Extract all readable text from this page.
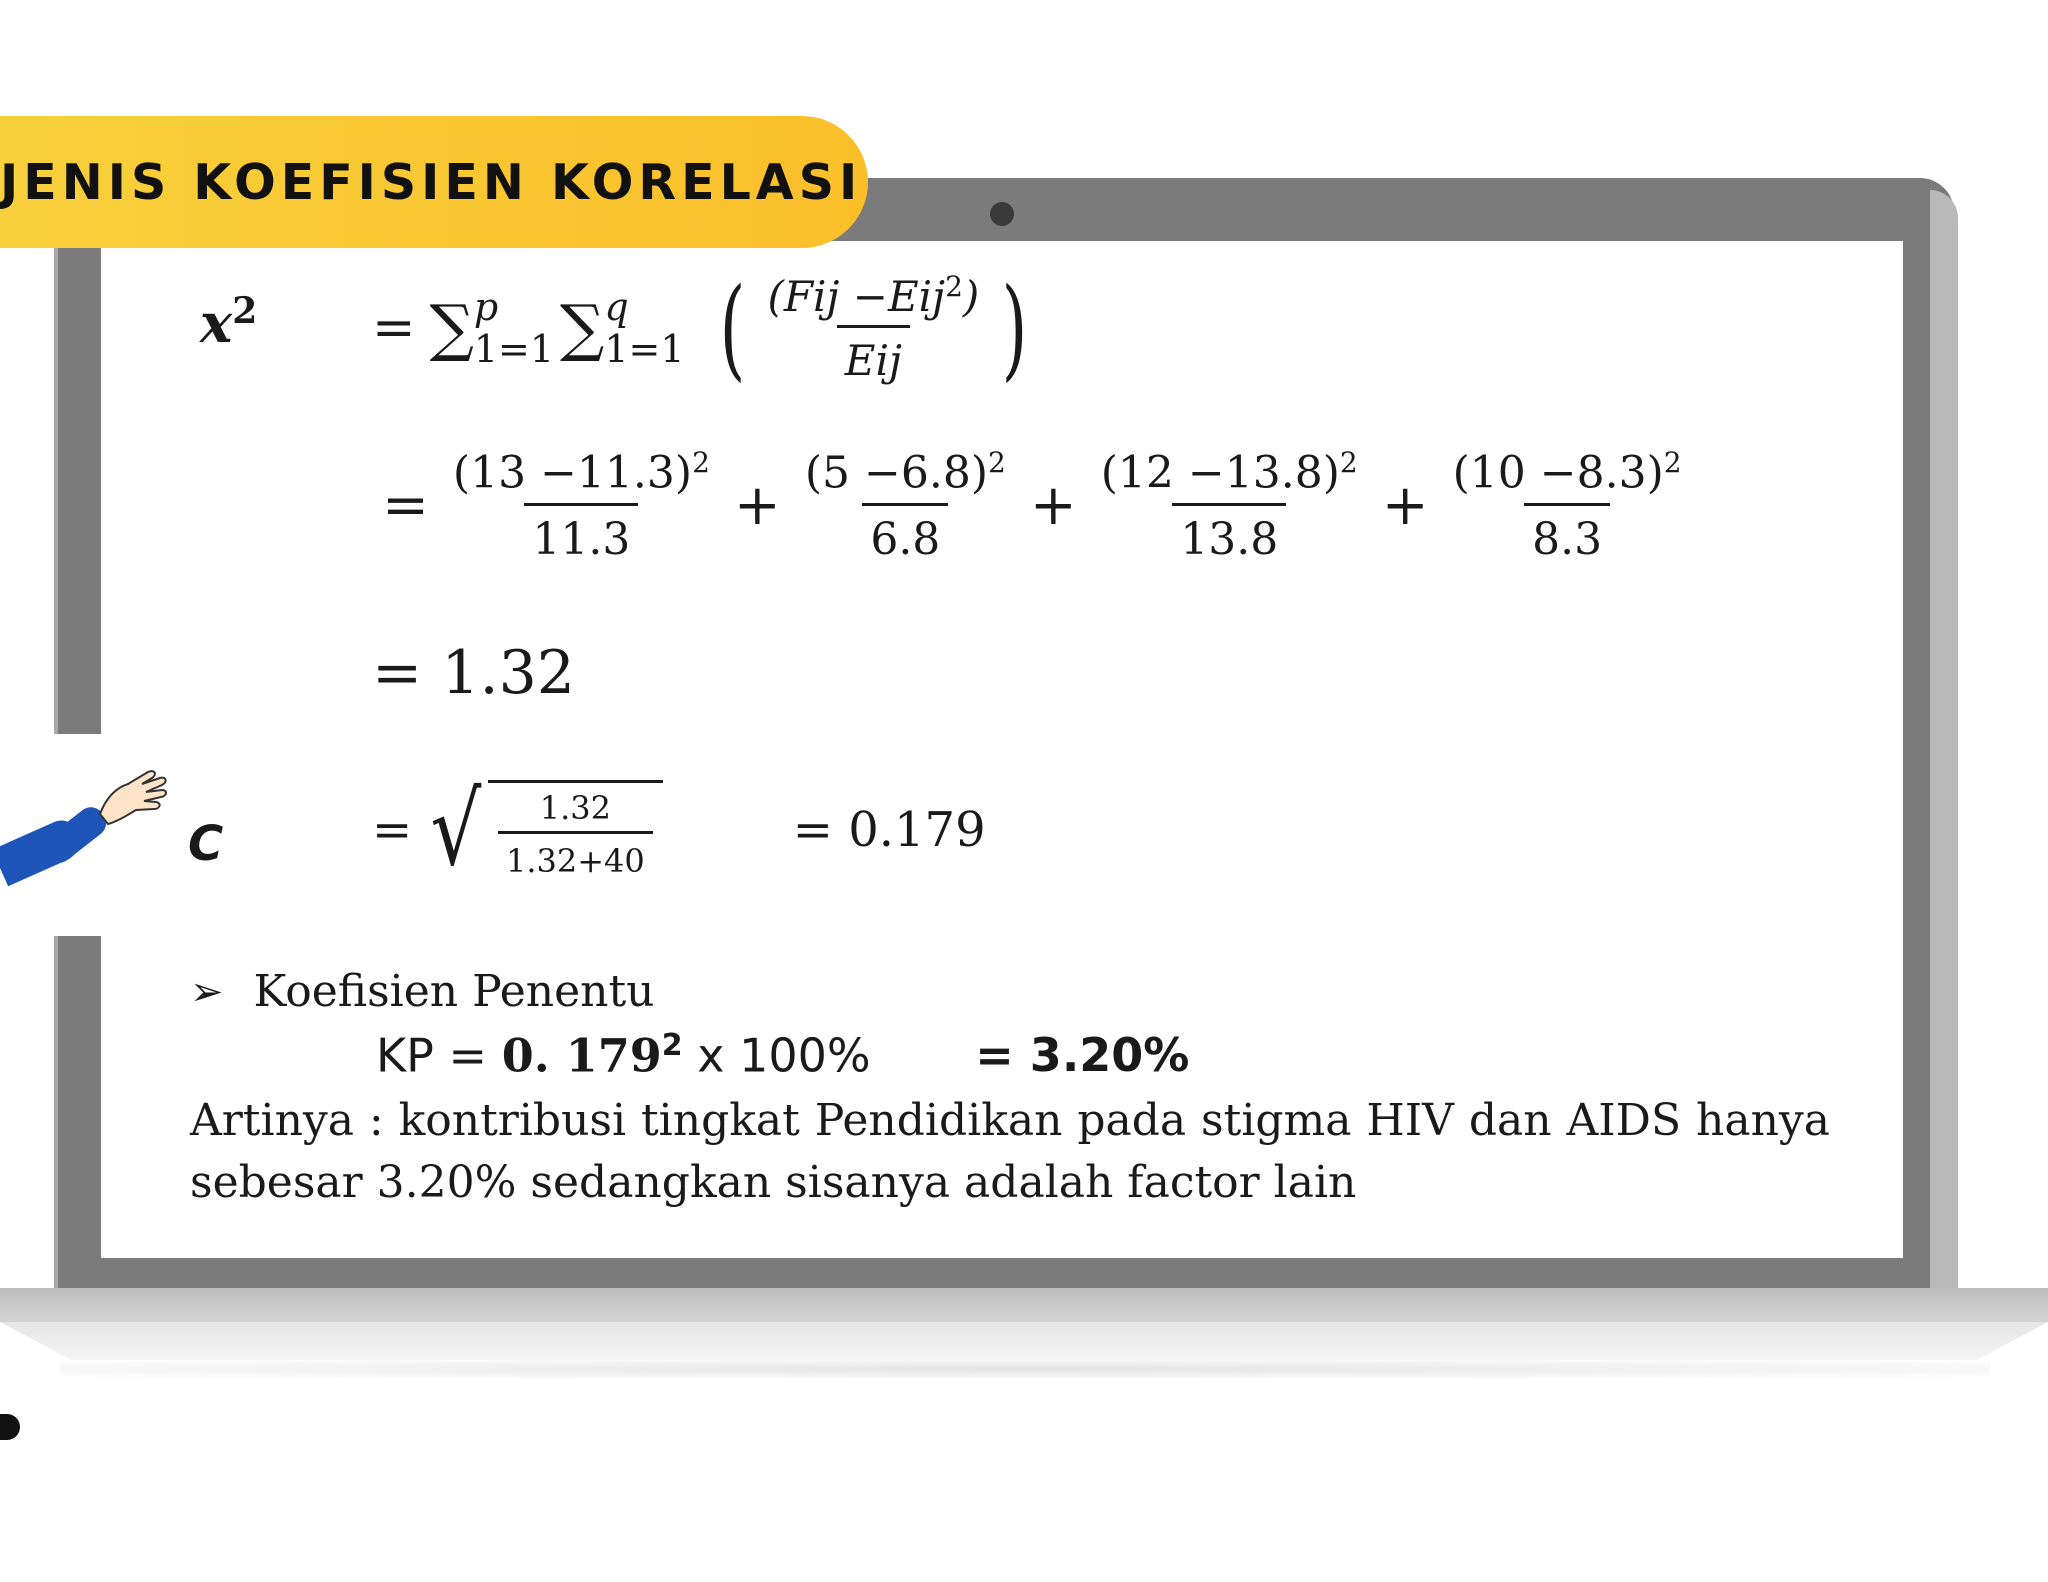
JENIS KOEFISIEN KORELASI
$x^2$ = ∑ p
1=1 ∑ q
1=1 ( $\frac{(Fij -Eij^2)}{\text{Eij}}$ )
= $\frac{(13 -11.3)^2}{11.3} + \frac{(5 -6.8)^2}{6.8} + \frac{(12 -13.8)^2}{13.8} + \frac{(10 -8.3)^2}{8.3}$
= 1.32
C	= √ $\frac{1.32}{1.32+40}$	= 0.179
➢ Koefisien Penentu
KP = 0. $179^2$ x 100% = 3.20%
Artinya : kontribusi tingkat Pendidikan pada stigma HIV dan AIDS hanya
sebesar 3.20% sedangkan sisanya adalah factor lain
